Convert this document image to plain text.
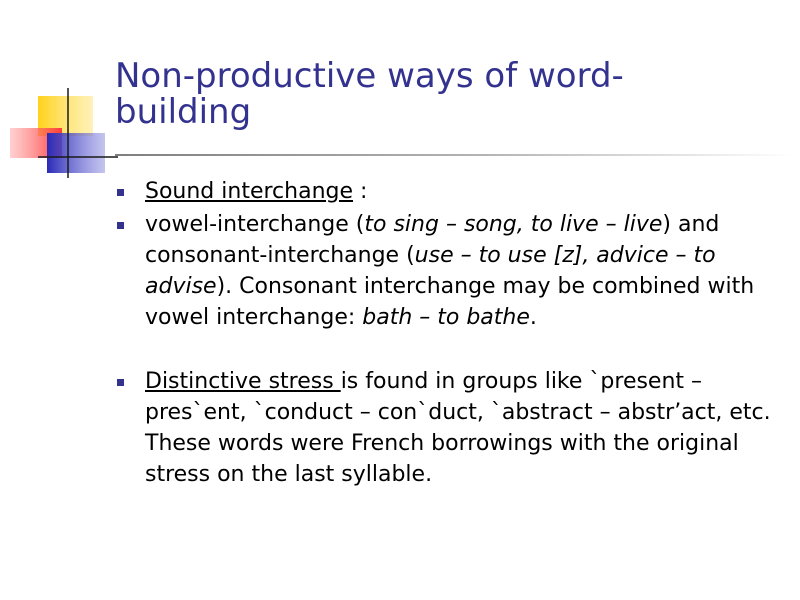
Non-productive ways of word-building
Sound interchange :
vowel-interchange (to sing – song, to live – live) and consonant-interchange (use – to use [z], advice – to advise). Consonant interchange may be combined with vowel interchange: bath – to bathe.
Distinctive stress is found in groups like `present – pres`ent, `conduct – con`duct, `abstract – abstr’act, etc. These words were French borrowings with the original stress on the last syllable.
